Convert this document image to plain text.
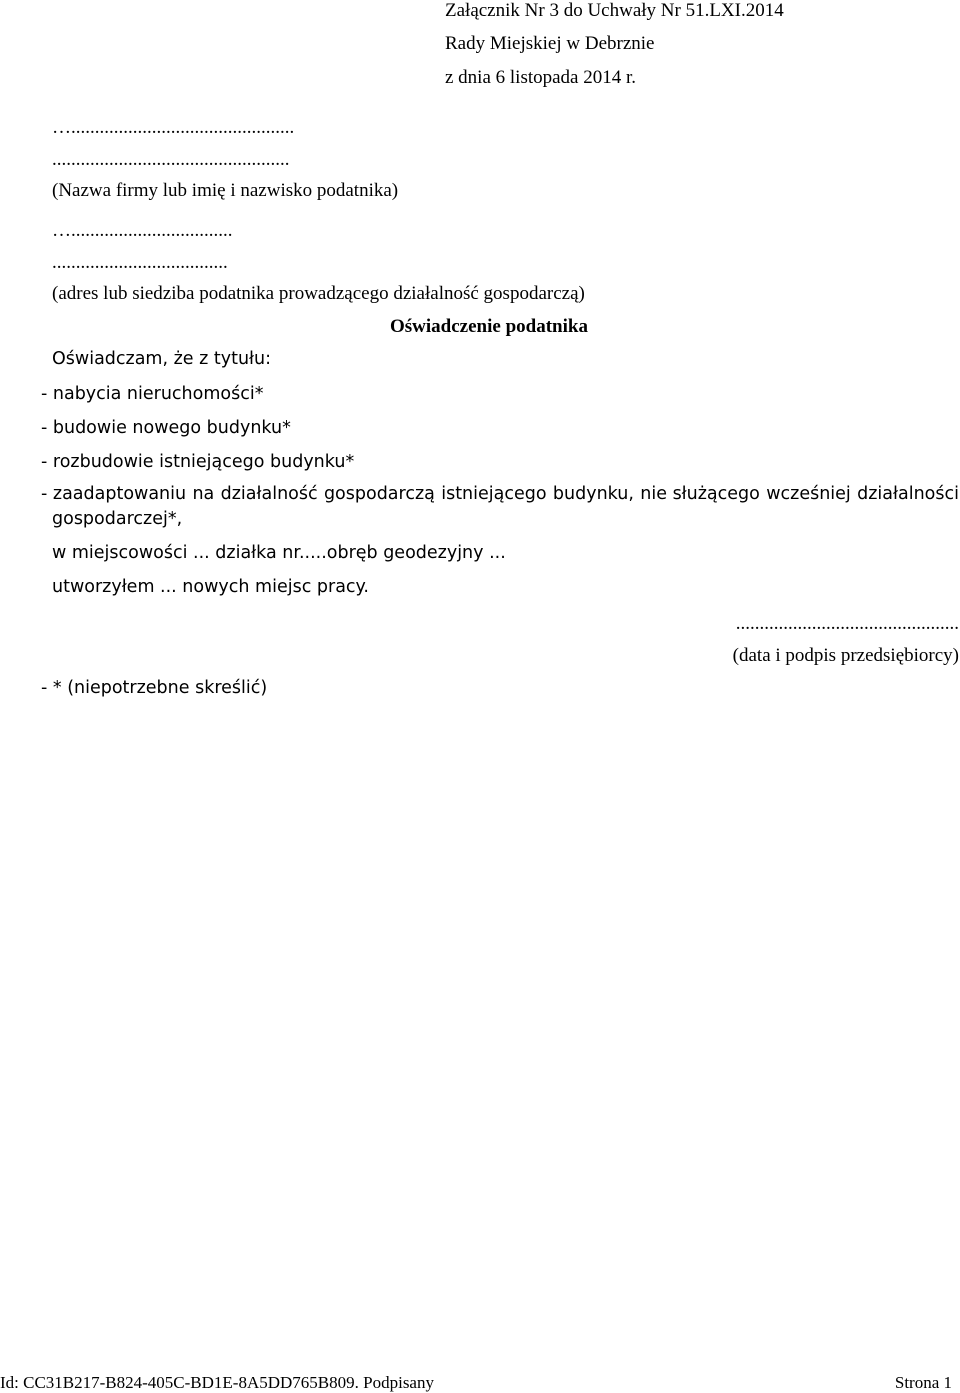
Załącznik Nr 3 do Uchwały Nr 51.LXI.2014
Rady Miejskiej w Debrznie
z dnia 6 listopada 2014 r.
…...............................................
..................................................
(Nazwa firmy lub imię i nazwisko podatnika)
…..................................
.....................................
(adres lub siedziba podatnika prowadzącego działalność gospodarczą)
Oświadczenie podatnika
Oświadczam, że z tytułu:
- nabycia nieruchomości*
- budowie nowego budynku*
- rozbudowie istniejącego budynku*
- zaadaptowaniu na działalność gospodarczą istniejącego budynku, nie służącego wcześniej działalności
gospodarczej*,
w miejscowości ... działka nr.....obręb geodezyjny ...
utworzyłem ... nowych miejsc pracy.
...............................................
(data i podpis przedsiębiorcy)
- * (niepotrzebne skreślić)
Id: CC31B217-B824-405C-BD1E-8A5DD765B809. Podpisany	Strona 1
